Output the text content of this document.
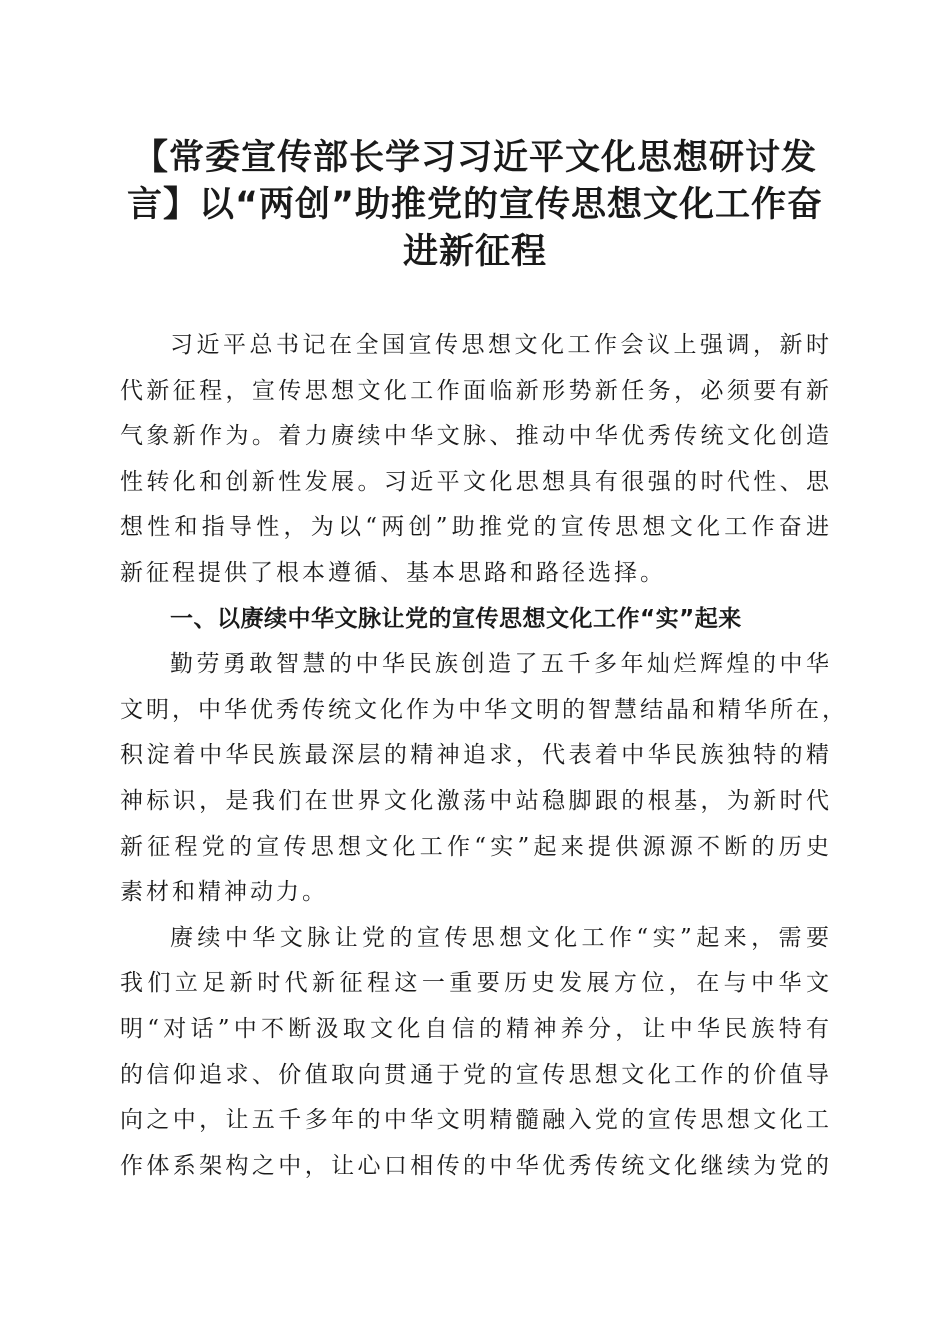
【常委宣传部长学习习近平文化思想研讨发
言】以“两创”助推党的宣传思想文化工作奋
进新征程

习近平总书记在全国宣传思想文化工作会议上强调，新时
代新征程，宣传思想文化工作面临新形势新任务，必须要有新
气象新作为。着力赓续中华文脉、推动中华优秀传统文化创造
性转化和创新性发展。习近平文化思想具有很强的时代性、思
想性和指导性，为以“两创”助推党的宣传思想文化工作奋进
新征程提供了根本遵循、基本思路和路径选择。

一、以赓续中华文脉让党的宣传思想文化工作“实”起来

勤劳勇敢智慧的中华民族创造了五千多年灿烂辉煌的中华
文明，中华优秀传统文化作为中华文明的智慧结晶和精华所在，
积淀着中华民族最深层的精神追求，代表着中华民族独特的精
神标识，是我们在世界文化激荡中站稳脚跟的根基，为新时代
新征程党的宣传思想文化工作“实”起来提供源源不断的历史
素材和精神动力。

赓续中华文脉让党的宣传思想文化工作“实”起来，需要
我们立足新时代新征程这一重要历史发展方位，在与中华文
明“对话”中不断汲取文化自信的精神养分，让中华民族特有
的信仰追求、价值取向贯通于党的宣传思想文化工作的价值导
向之中，让五千多年的中华文明精髓融入党的宣传思想文化工
作体系架构之中，让心口相传的中华优秀传统文化继续为党的
